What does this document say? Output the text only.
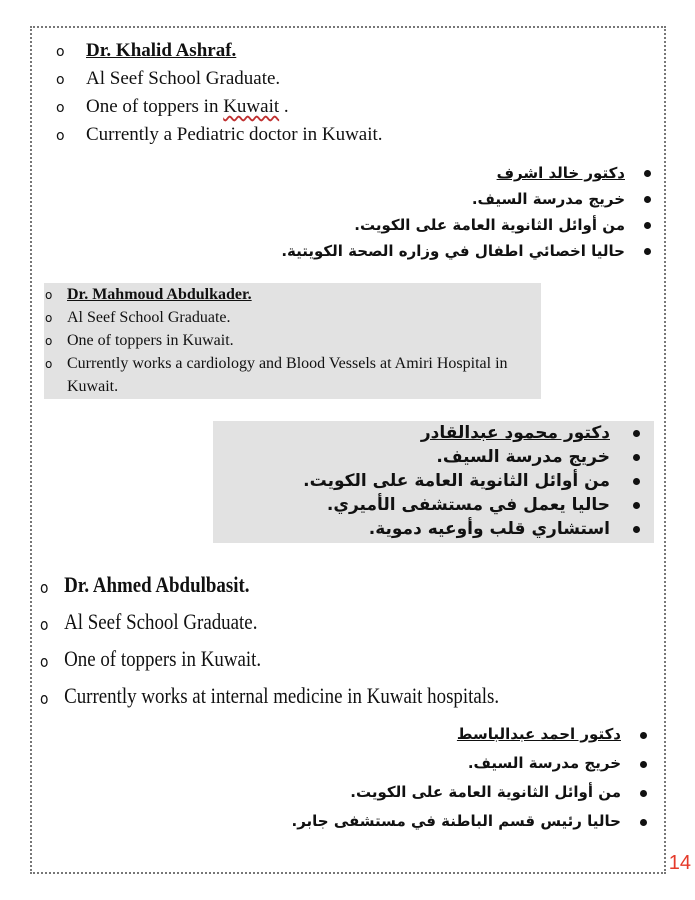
o Dr. Khalid Ashraf.
o Al Seef School Graduate.
o One of toppers in Kuwait .
o Currently a Pediatric doctor in Kuwait.
دكتور خالد اشرف
خريج مدرسة السيف.
من أوائل الثانوية العامة على الكويت.
حاليا اخصائي اطفال في وزاره الصحة الكويتية.
o Dr. Mahmoud Abdulkader.
o Al Seef School Graduate.
o One of toppers in Kuwait.
o Currently works a cardiology and Blood Vessels at Amiri Hospital in Kuwait.
دكتور محمود عبدالقادر
خريج مدرسة السيف.
من أوائل الثانوية العامة على الكويت.
حاليا يعمل في مستشفى الأميري.
استشاري قلب وأوعيه دموية.
o Dr. Ahmed Abdulbasit.
o Al Seef School Graduate.
o One of toppers in Kuwait.
o Currently works at internal medicine in Kuwait hospitals.
دكتور احمد عبدالباسط
خريج مدرسة السيف.
من أوائل الثانوية العامة على الكويت.
حاليا رئيس قسم الباطنة في مستشفى جابر.
14
